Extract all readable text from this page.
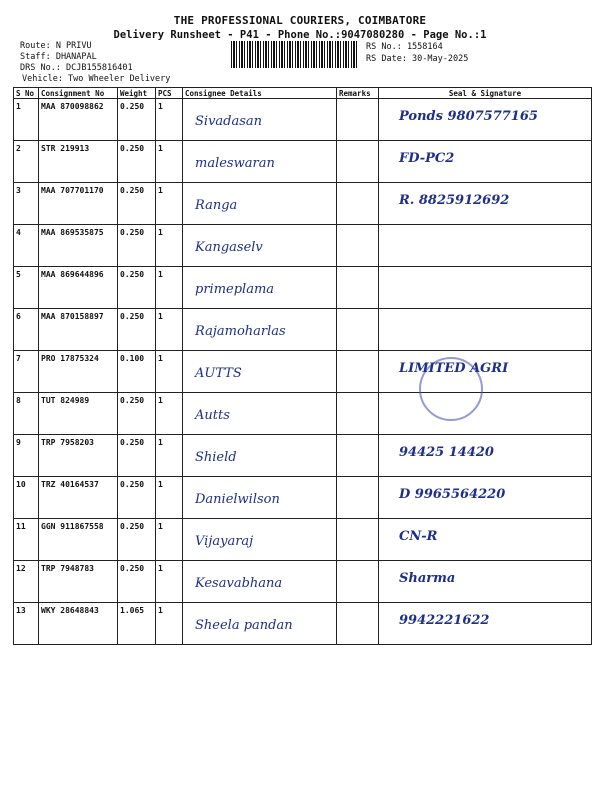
THE PROFESSIONAL COURIERS, COIMBATORE
Delivery Runsheet - P41 - Phone No.:9047080280 - Page No.:1
Route: N PRIVU
Staff: DHANAPAL
DRS No.: DCJB155816401
Vehicle: Two Wheeler Delivery
RS No.: 1558164
RS Date: 30-May-2025
S No	Consignment No	Weight	PCS	Consignee Details	Remarks	Seal & Signature
1	MAA 870098862	0.250	1	Sivadasan		Ponds 9807577165

2	STR 219913	0.250	1	maleswaran		FD-PC2

3	MAA 707701170	0.250	1	Ranga		R. 8825912692

4	MAA 869535875	0.250	1	Kangaselv		

5	MAA 869644896	0.250	1	primeplama		

6	MAA 870158897	0.250	1	Rajamoharlas		

7	PRO 17875324	0.100	1	AUTTS		LIMITED AGRI

8	TUT 824989	0.250	1	Autts		

9	TRP 7958203	0.250	1	Shield		94425 14420

10	TRZ 40164537	0.250	1	Danielwilson		D 9965564220

11	GGN 911867558	0.250	1	Vijayaraj		CN-R

12	TRP 7948783	0.250	1	Kesavabhana		Sharma

13	WKY 28648843	1.065	1	Sheela pandan		9942221622
